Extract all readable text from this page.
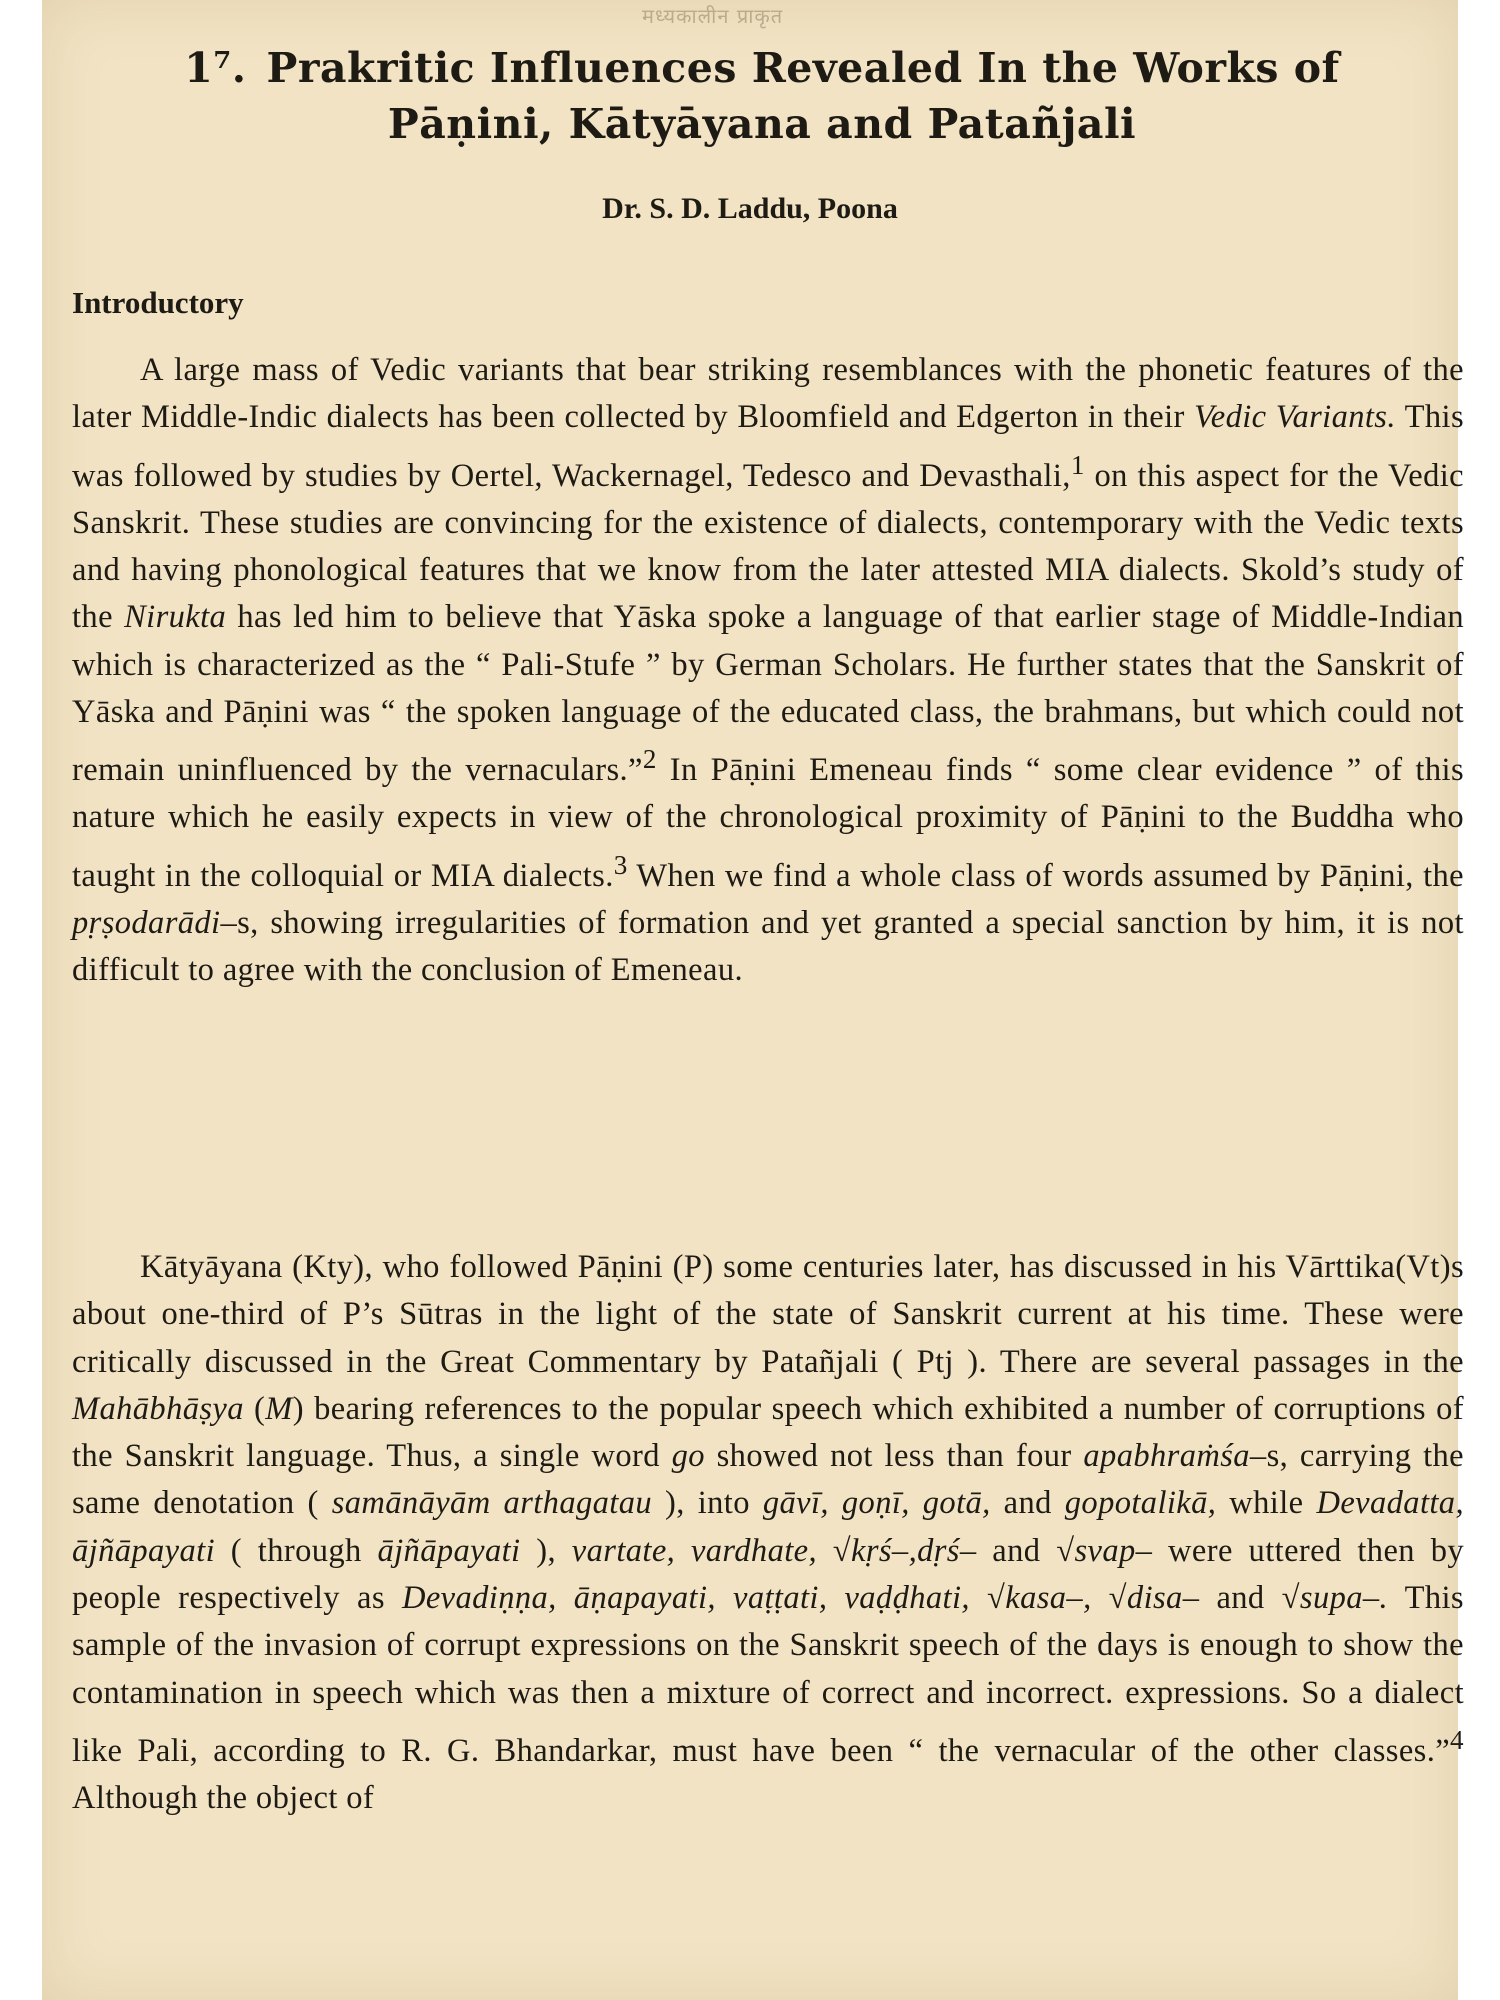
मध्यकालीन प्राकृत
1⁷. Prakritic Influences Revealed In the Works of
Pāṇini, Kātyāyana and Patañjali
Dr. S. D. Laddu, Poona
Introductory
A large mass of Vedic variants that bear striking resemblances with the phonetic features of the later Middle-Indic dialects has been collected by Bloomfield and Edgerton in their Vedic Variants. This was followed by studies by Oertel, Wackernagel, Tedesco and Devasthali,$^1$ on this aspect for the Vedic Sanskrit. These studies are convincing for the existence of dialects, contemporary with the Vedic texts and having phonological features that we know from the later attested MIA dialects. Skold’s study of the Nirukta has led him to believe that Yāska spoke a language of that earlier stage of Middle-Indian which is characterized as the “ Pali-Stufe ” by German Scholars. He further states that the Sanskrit of Yāska and Pāṇini was “ the spoken language of the educated class, the brahmans, but which could not remain uninfluenced by the vernaculars.”$^2$ In Pāṇini Emeneau finds “ some clear evidence ” of this nature which he easily expects in view of the chronological proximity of Pāṇini to the Buddha who taught in the colloquial or MIA dialects.$^3$ When we find a whole class of words assumed by Pāṇini, the pṛṣodarādi–s, showing irregularities of formation and yet granted a special sanction by him, it is not difficult to agree with the conclusion of Emeneau.
Kātyāyana (Kty), who followed Pāṇini (P) some centuries later, has discussed in his Vārttika(Vt)s about one-third of P’s Sūtras in the light of the state of Sanskrit current at his time. These were critically discussed in the Great Commentary by Patañjali ( Ptj ). There are several passages in the Mahābhāṣya (M) bearing references to the popular speech which exhibited a number of corruptions of the Sanskrit language. Thus, a single word go showed not less than four apabhraṁśa–s, carrying the same denotation ( samānāyām arthagatau ), into gāvī, goṇī, gotā, and gopotalikā, while Devadatta, ājñāpayati ( through ājñāpayati ), vartate, vardhate, √kṛś–,dṛś– and √svap– were uttered then by people respectively as Devadiṇṇa, āṇapayati, vaṭṭati, vaḍḍhati, √kasa–, √disa– and √supa–. This sample of the invasion of corrupt expressions on the Sanskrit speech of the days is enough to show the contamination in speech which was then a mixture of correct and incorrect. expressions. So a dialect like Pali, according to R. G. Bhandarkar, must have been “ the vernacular of the other classes.”$^4$ Although the object of
